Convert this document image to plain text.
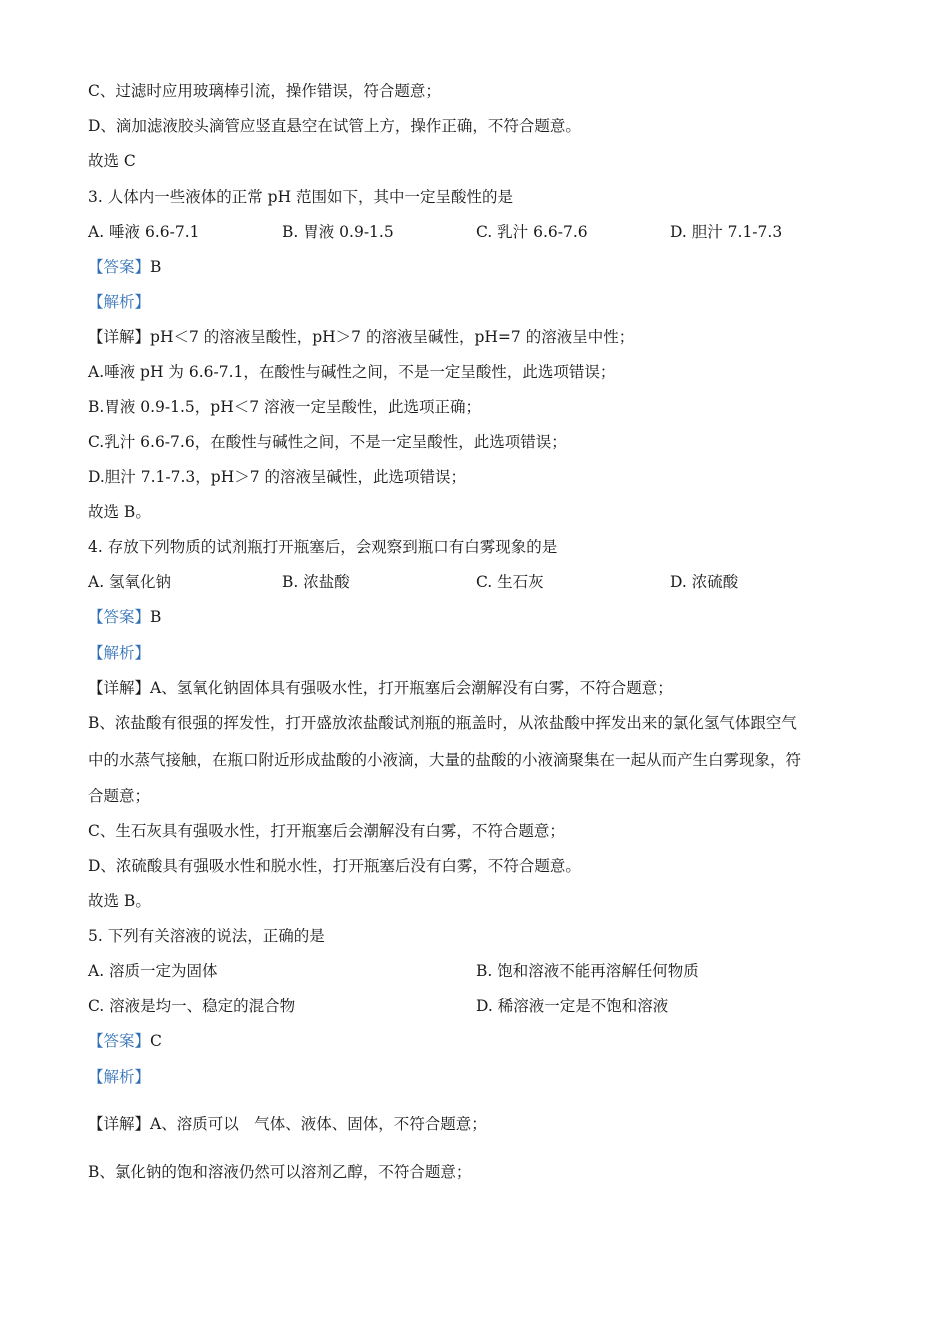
C、过滤时应用玻璃棒引流，操作错误，符合题意；
D、滴加滤液胶头滴管应竖直悬空在试管上方，操作正确，不符合题意。
故选 C
3. 人体内一些液体的正常 pH 范围如下，其中一定呈酸性的是
A. 唾液 6.6-7.1	B. 胃液 0.9-1.5	C. 乳汁 6.6-7.6	D. 胆汁 7.1-7.3
【答案】B
【解析】
【详解】pH＜7 的溶液呈酸性，pH＞7 的溶液呈碱性，pH=7 的溶液呈中性；
A.唾液 pH 为 6.6-7.1，在酸性与碱性之间，不是一定呈酸性，此选项错误；
B.胃液 0.9-1.5，pH＜7 溶液一定呈酸性，此选项正确；
C.乳汁 6.6-7.6，在酸性与碱性之间，不是一定呈酸性，此选项错误；
D.胆汁 7.1-7.3，pH＞7 的溶液呈碱性，此选项错误；
故选 B。
4. 存放下列物质的试剂瓶打开瓶塞后，会观察到瓶口有白雾现象的是
A. 氢氧化钠	B. 浓盐酸	C. 生石灰	D. 浓硫酸
【答案】B
【解析】
【详解】A、氢氧化钠固体具有强吸水性，打开瓶塞后会潮解没有白雾，不符合题意；
B、浓盐酸有很强的挥发性，打开盛放浓盐酸试剂瓶的瓶盖时，从浓盐酸中挥发出来的氯化氢气体跟空气
中的水蒸气接触，在瓶口附近形成盐酸的小液滴，大量的盐酸的小液滴聚集在一起从而产生白雾现象，符
合题意；
C、生石灰具有强吸水性，打开瓶塞后会潮解没有白雾，不符合题意；
D、浓硫酸具有强吸水性和脱水性，打开瓶塞后没有白雾，不符合题意。
故选 B。
5. 下列有关溶液的说法，正确的是
A. 溶质一定为固体	B. 饱和溶液不能再溶解任何物质
C. 溶液是均一、稳定的混合物	D. 稀溶液一定是不饱和溶液
【答案】C
【解析】
【详解】A、溶质可以　气体、液体、固体，不符合题意；
B、氯化钠的饱和溶液仍然可以溶剂乙醇，不符合题意；
